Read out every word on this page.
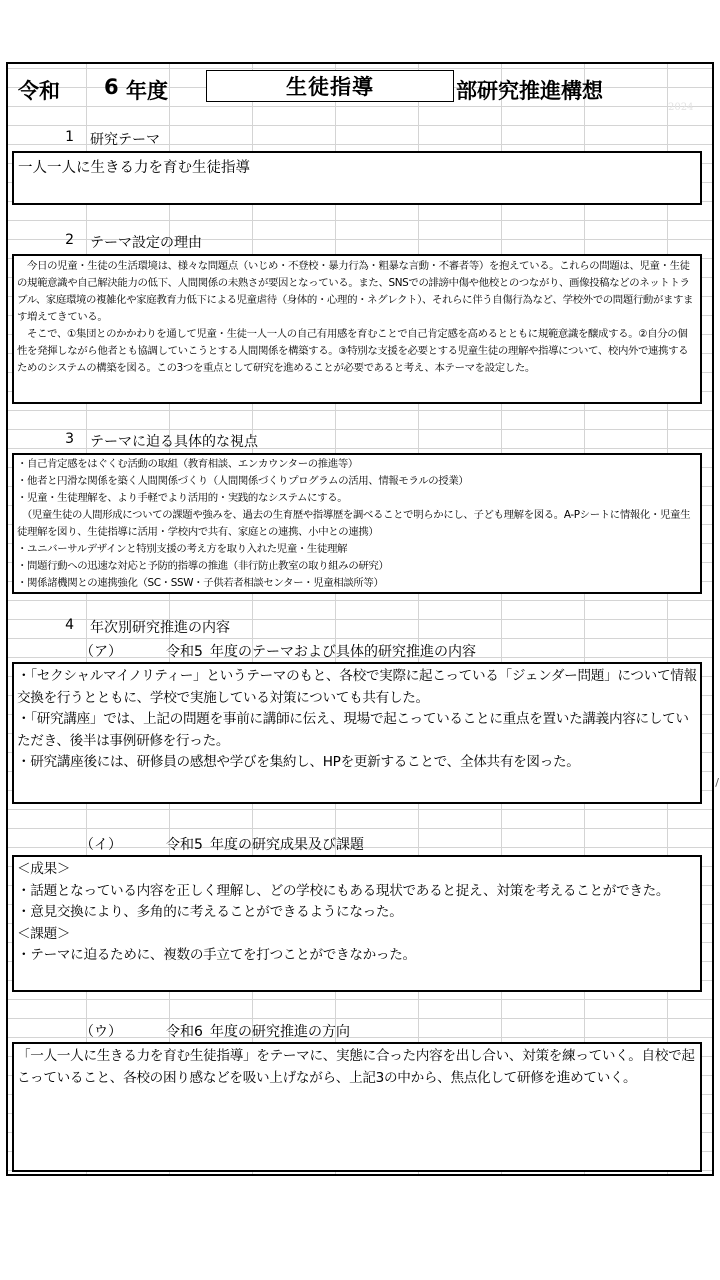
令和 6 年度	生徒指導	部研究推進構想
2024
1 研究テーマ
一人一人に生きる力を育む生徒指導
2 テーマ設定の理由
　今日の児童・生徒の生活環境は、様々な問題点（いじめ・不登校・暴力行為・粗暴な言動・不審者等）を抱えている。これらの問題は、児童・生徒の規範意識や自己解決能力の低下、人間関係の未熟さが要因となっている。また、SNSでの誹謗中傷や他校とのつながり、画像投稿などのネットトラブル、家庭環境の複雑化や家庭教育力低下による児童虐待（身体的・心理的・ネグレクト）、それらに伴う自傷行為など、学校外での問題行動がますます増えてきている。
　そこで、①集団とのかかわりを通して児童・生徒一人一人の自己有用感を育むことで自己肯定感を高めるとともに規範意識を醸成する。②自分の個性を発揮しながら他者とも協調していこうとする人間関係を構築する。③特別な支援を必要とする児童生徒の理解や指導について、校内外で連携するためのシステムの構築を図る。この3つを重点として研究を進めることが必要であると考え、本テーマを設定した。
3 テーマに迫る具体的な視点
・自己肯定感をはぐくむ活動の取組（教育相談、エンカウンターの推進等）
・他者と円滑な関係を築く人間関係づくり（人間関係づくりプログラムの活用、情報モラルの授業）
・児童・生徒理解を、より手軽でより活用的・実践的なシステムにする。
　（児童生徒の人間形成についての課題や強みを、過去の生育歴や指導歴を調べることで明らかにし、子ども理解を図る。A-Pシートに情報化・児童生徒理解を図り、生徒指導に活用・学校内で共有、家庭との連携、小中との連携）
・ユニバーサルデザインと特別支援の考え方を取り入れた児童・生徒理解
・問題行動への迅速な対応と予防的指導の推進（非行防止教室の取り組みの研究）
・関係諸機関との連携強化（SC・SSW・子供若者相談センター・児童相談所等）
4 年次別研究推進の内容
（ア）	令和5 年度のテーマおよび具体的研究推進の内容
・「セクシャルマイノリティー」というテーマのもと、各校で実際に起こっている「ジェンダー問題」について情報交換を行うとともに、学校で実施している対策についても共有した。
・「研究講座」では、上記の問題を事前に講師に伝え、現場で起こっていることに重点を置いた講義内容にしていただき、後半は事例研修を行った。
・研究講座後には、研修員の感想や学びを集約し、HPを更新することで、全体共有を図った。
/
（イ）	令和5 年度の研究成果及び課題
＜成果＞
・話題となっている内容を正しく理解し、どの学校にもある現状であると捉え、対策を考えることができた。
・意見交換により、多角的に考えることができるようになった。
＜課題＞
・テーマに迫るために、複数の手立てを打つことができなかった。
（ウ）	令和6 年度の研究推進の方向
「一人一人に生きる力を育む生徒指導」をテーマに、実態に合った内容を出し合い、対策を練っていく。自校で起こっていること、各校の困り感などを吸い上げながら、上記3の中から、焦点化して研修を進めていく。
